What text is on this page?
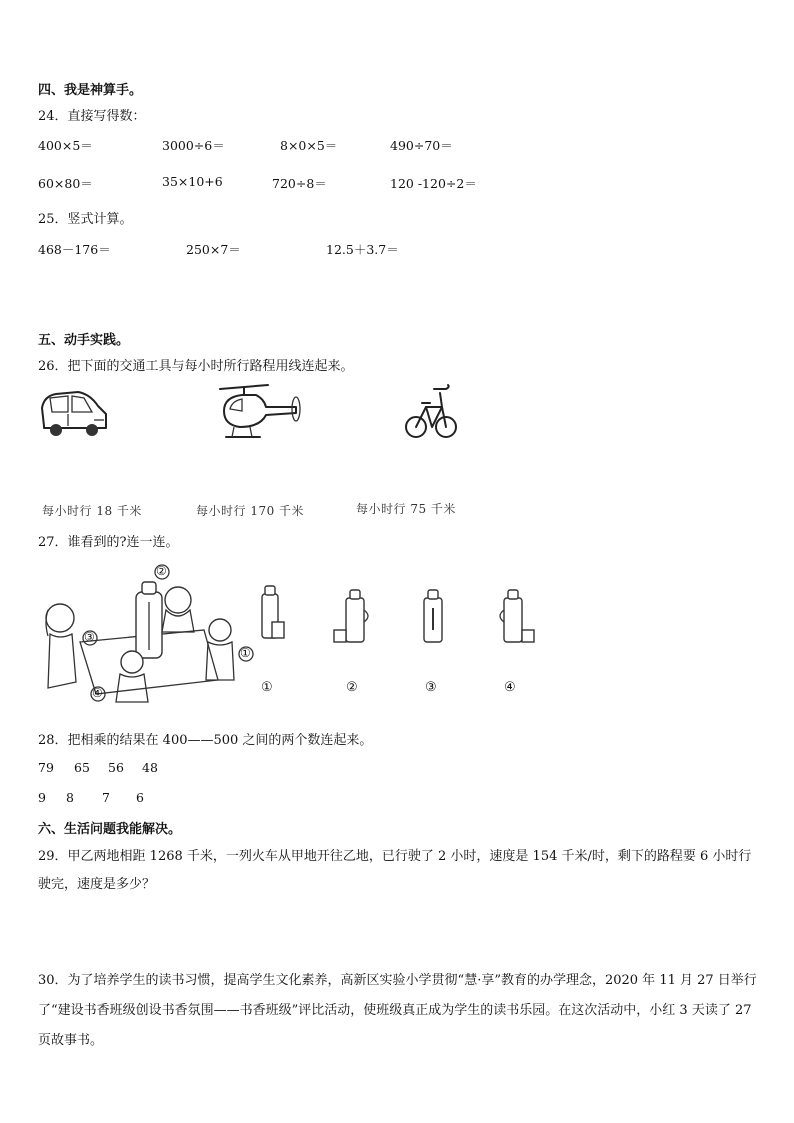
四、我是神算手。
24．直接写得数：
400×5＝	3000÷6＝	8×0×5＝	490÷70＝
60×80＝	35×10+6	720÷8＝	120 -120÷2＝
25．竖式计算。
468－176＝	250×7＝	12.5＋3.7＝
五、动手实践。
26．把下面的交通工具与每小时所行路程用线连起来。
每小时行 18 千米	每小时行 170 千米	每小时行 75 千米
27．谁看到的?连一连。
②
③
①
④	①	②	③	④
28．把相乘的结果在 400——500 之间的两个数连起来。
79 65 56 48
9 8 7 6
六、生活问题我能解决。
29．甲乙两地相距 1268 千米，一列火车从甲地开往乙地，已行驶了 2 小时，速度是 154 千米/时，剩下的路程要 6 小时行驶完，速度是多少？
30．为了培养学生的读书习惯，提高学生文化素养，高新区实验小学贯彻“慧·享”教育的办学理念，2020 年 11 月 27 日举行了“建设书香班级创设书香氛围——书香班级”评比活动，使班级真正成为学生的读书乐园。在这次活动中，小红 3 天读了 27 页故事书。
